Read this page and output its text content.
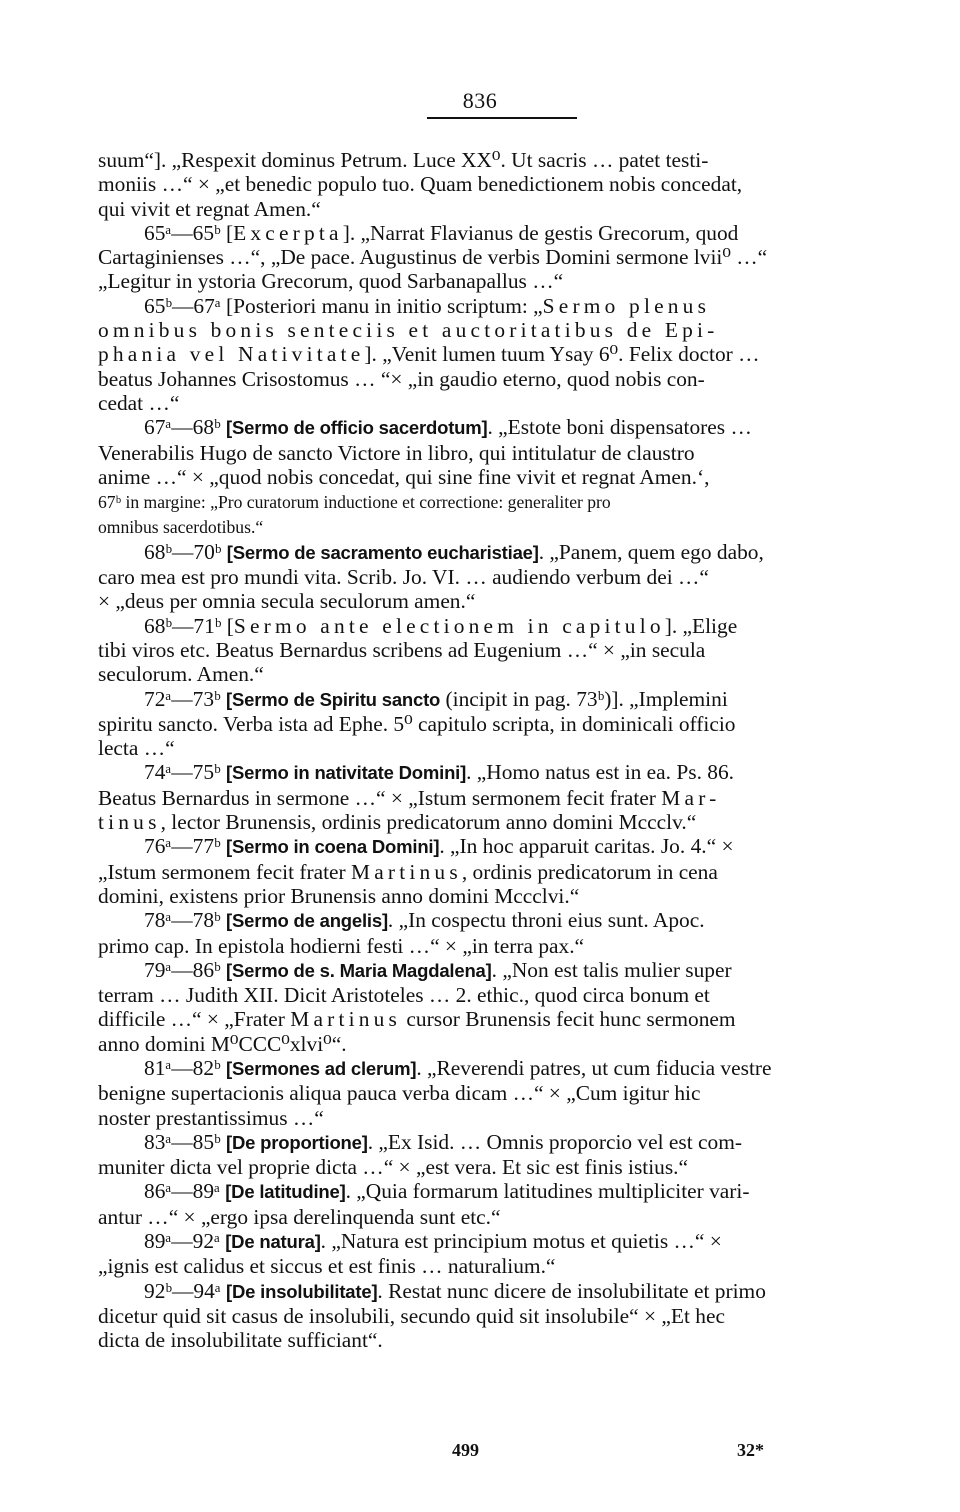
836

suum“]. „Respexit dominus Petrum. Luce XX⁰. Ut sacris … patet testi-
moniis …“ × „et benedic populo tuo. Quam benedictionem nobis concedat,
qui vivit et regnat Amen.“

65ᵃ—65ᵇ [Excerpta]. „Narrat Flavianus de gestis Grecorum, quod
Cartaginienses …“, „De pace. Augustinus de verbis Domini sermone lvii⁰ …“
„Legitur in ystoria Grecorum, quod Sarbanapallus …“

65ᵇ—67ᵃ [Posteriori manu in initio scriptum: „Sermo plenus
omnibus bonis senteciis et auctoritatibus de Epi-
phania vel Nativitate]. „Venit lumen tuum Ysay 6⁰. Felix doctor …
beatus Johannes Crisostomus … “× „in gaudio eterno, quod nobis con-
cedat …“

67ᵃ—68ᵇ [Sermo de officio sacerdotum]. „Estote boni dispensatores …
Venerabilis Hugo de sancto Victore in libro, qui intitulatur de claustro
anime …“ × „quod nobis concedat, qui sine fine vivit et regnat Amen.‘,
67ᵇ in margine: „Pro curatorum inductione et correctione: generaliter pro
omnibus sacerdotibus.“

68ᵇ—70ᵇ [Sermo de sacramento eucharistiae]. „Panem, quem ego dabo,
caro mea est pro mundi vita. Scrib. Jo. VI. … audiendo verbum dei …“
× „deus per omnia secula seculorum amen.“

68ᵇ—71ᵇ [Sermo ante electionem in capitulo]. „Elige
tibi viros etc. Beatus Bernardus scribens ad Eugenium …“ × „in secula
seculorum. Amen.“

72ᵃ—73ᵇ [Sermo de Spiritu sancto (incipit in pag. 73ᵇ)]. „Implemini
spiritu sancto. Verba ista ad Ephe. 5⁰ capitulo scripta, in dominicali officio
lecta …“

74ᵃ—75ᵇ [Sermo in nativitate Domini]. „Homo natus est in ea. Ps. 86.
Beatus Bernardus in sermone …“ × „Istum sermonem fecit frater Mar-
tinus, lector Brunensis, ordinis predicatorum anno domini Mccclv.“

76ᵃ—77ᵇ [Sermo in coena Domini]. „In hoc apparuit caritas. Jo. 4.“ ×
„Istum sermonem fecit frater Martinus, ordinis predicatorum in cena
domini, existens prior Brunensis anno domini Mccclvi.“

78ᵃ—78ᵇ [Sermo de angelis]. „In cospectu throni eius sunt. Apoc.
primo cap. In epistola hodierni festi …“ × „in terra pax.“

79ᵃ—86ᵇ [Sermo de s. Maria Magdalena]. „Non est talis mulier super
terram … Judith XII. Dicit Aristoteles … 2. ethic., quod circa bonum et
difficile …“ × „Frater Martinus cursor Brunensis fecit hunc sermonem
anno domini M⁰CCC⁰xlvi⁰“.

81ᵃ—82ᵇ [Sermones ad clerum]. „Reverendi patres, ut cum fiducia vestre
benigne supertacionis aliqua pauca verba dicam …“ × „Cum igitur hic
noster prestantissimus …“

83ᵃ—85ᵇ [De proportione]. „Ex Isid. … Omnis proporcio vel est com-
muniter dicta vel proprie dicta …“ × „est vera. Et sic est finis istius.“

86ᵃ—89ᵃ [De latitudine]. „Quia formarum latitudines multipliciter vari-
antur …“ × „ergo ipsa derelinquenda sunt etc.“

89ᵃ—92ᵃ [De natura]. „Natura est principium motus et quietis …“ ×
„ignis est calidus et siccus et est finis … naturalium.“

92ᵇ—94ᵃ [De insolubilitate]. Restat nunc dicere de insolubilitate et primo
dicetur quid sit casus de insolubili, secundo quid sit insolubile“ × „Et hec
dicta de insolubilitate sufficiant“.

499	32*
